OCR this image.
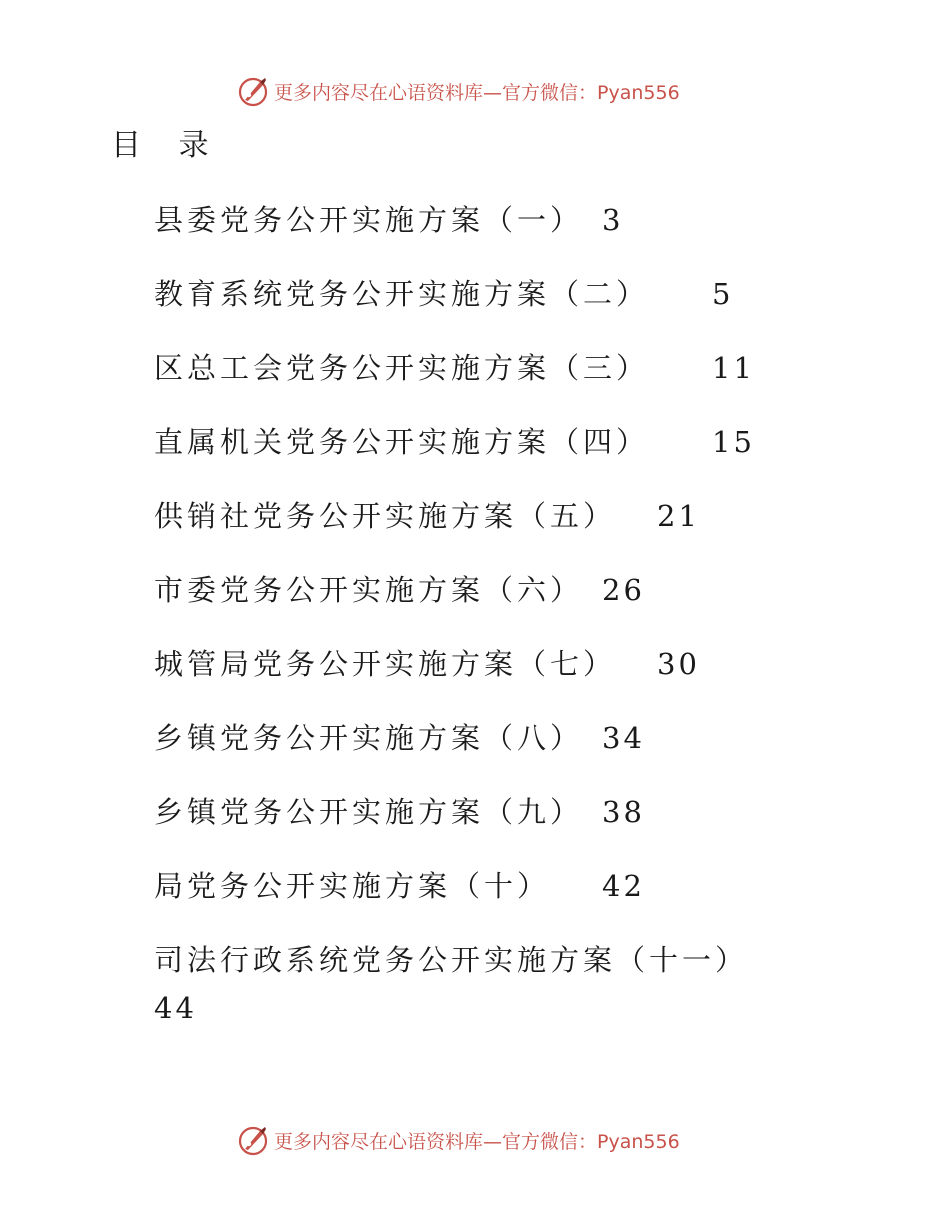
更多内容尽在心语资料库—官方微信：Pyan556
目 录
县委党务公开实施方案（一） 3
教育系统党务公开实施方案（二） 5
区总工会党务公开实施方案（三） 11
直属机关党务公开实施方案（四） 15
供销社党务公开实施方案（五） 21
市委党务公开实施方案（六） 26
城管局党务公开实施方案（七） 30
乡镇党务公开实施方案（八） 34
乡镇党务公开实施方案（九） 38
局党务公开实施方案（十） 42
司法行政系统党务公开实施方案（十一）
44
更多内容尽在心语资料库—官方微信：Pyan556
